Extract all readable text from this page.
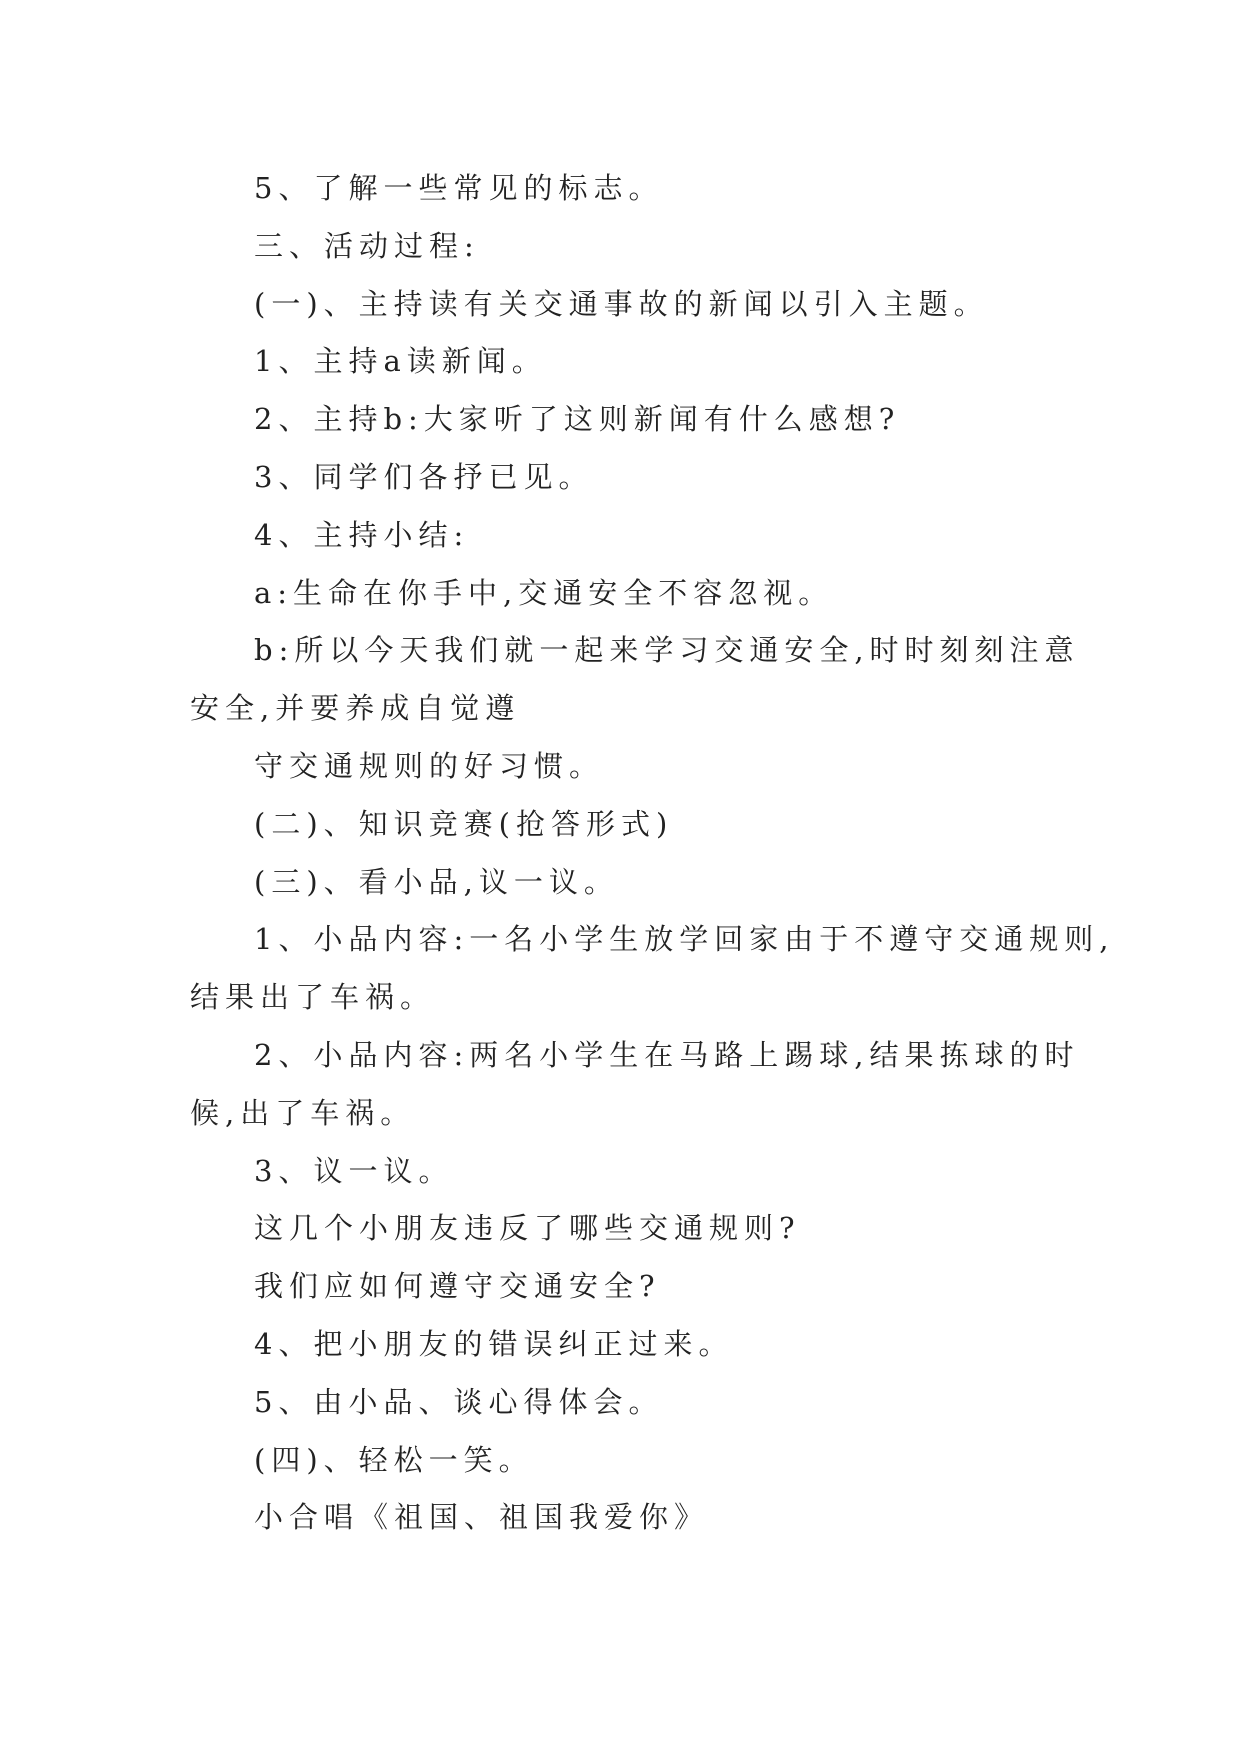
5、了解一些常见的标志。
三、活动过程:
(一)、主持读有关交通事故的新闻以引入主题。
1、主持a读新闻。
2、主持b:大家听了这则新闻有什么感想?
3、同学们各抒已见。
4、主持小结:
a:生命在你手中,交通安全不容忽视。
b:所以今天我们就一起来学习交通安全,时时刻刻注意
安全,并要养成自觉遵
守交通规则的好习惯。
(二)、知识竞赛(抢答形式)
(三)、看小品,议一议。
1、小品内容:一名小学生放学回家由于不遵守交通规则,
结果出了车祸。
2、小品内容:两名小学生在马路上踢球,结果拣球的时
候,出了车祸。
3、议一议。
这几个小朋友违反了哪些交通规则?
我们应如何遵守交通安全?
4、把小朋友的错误纠正过来。
5、由小品、谈心得体会。
(四)、轻松一笑。
小合唱《祖国、祖国我爱你》
